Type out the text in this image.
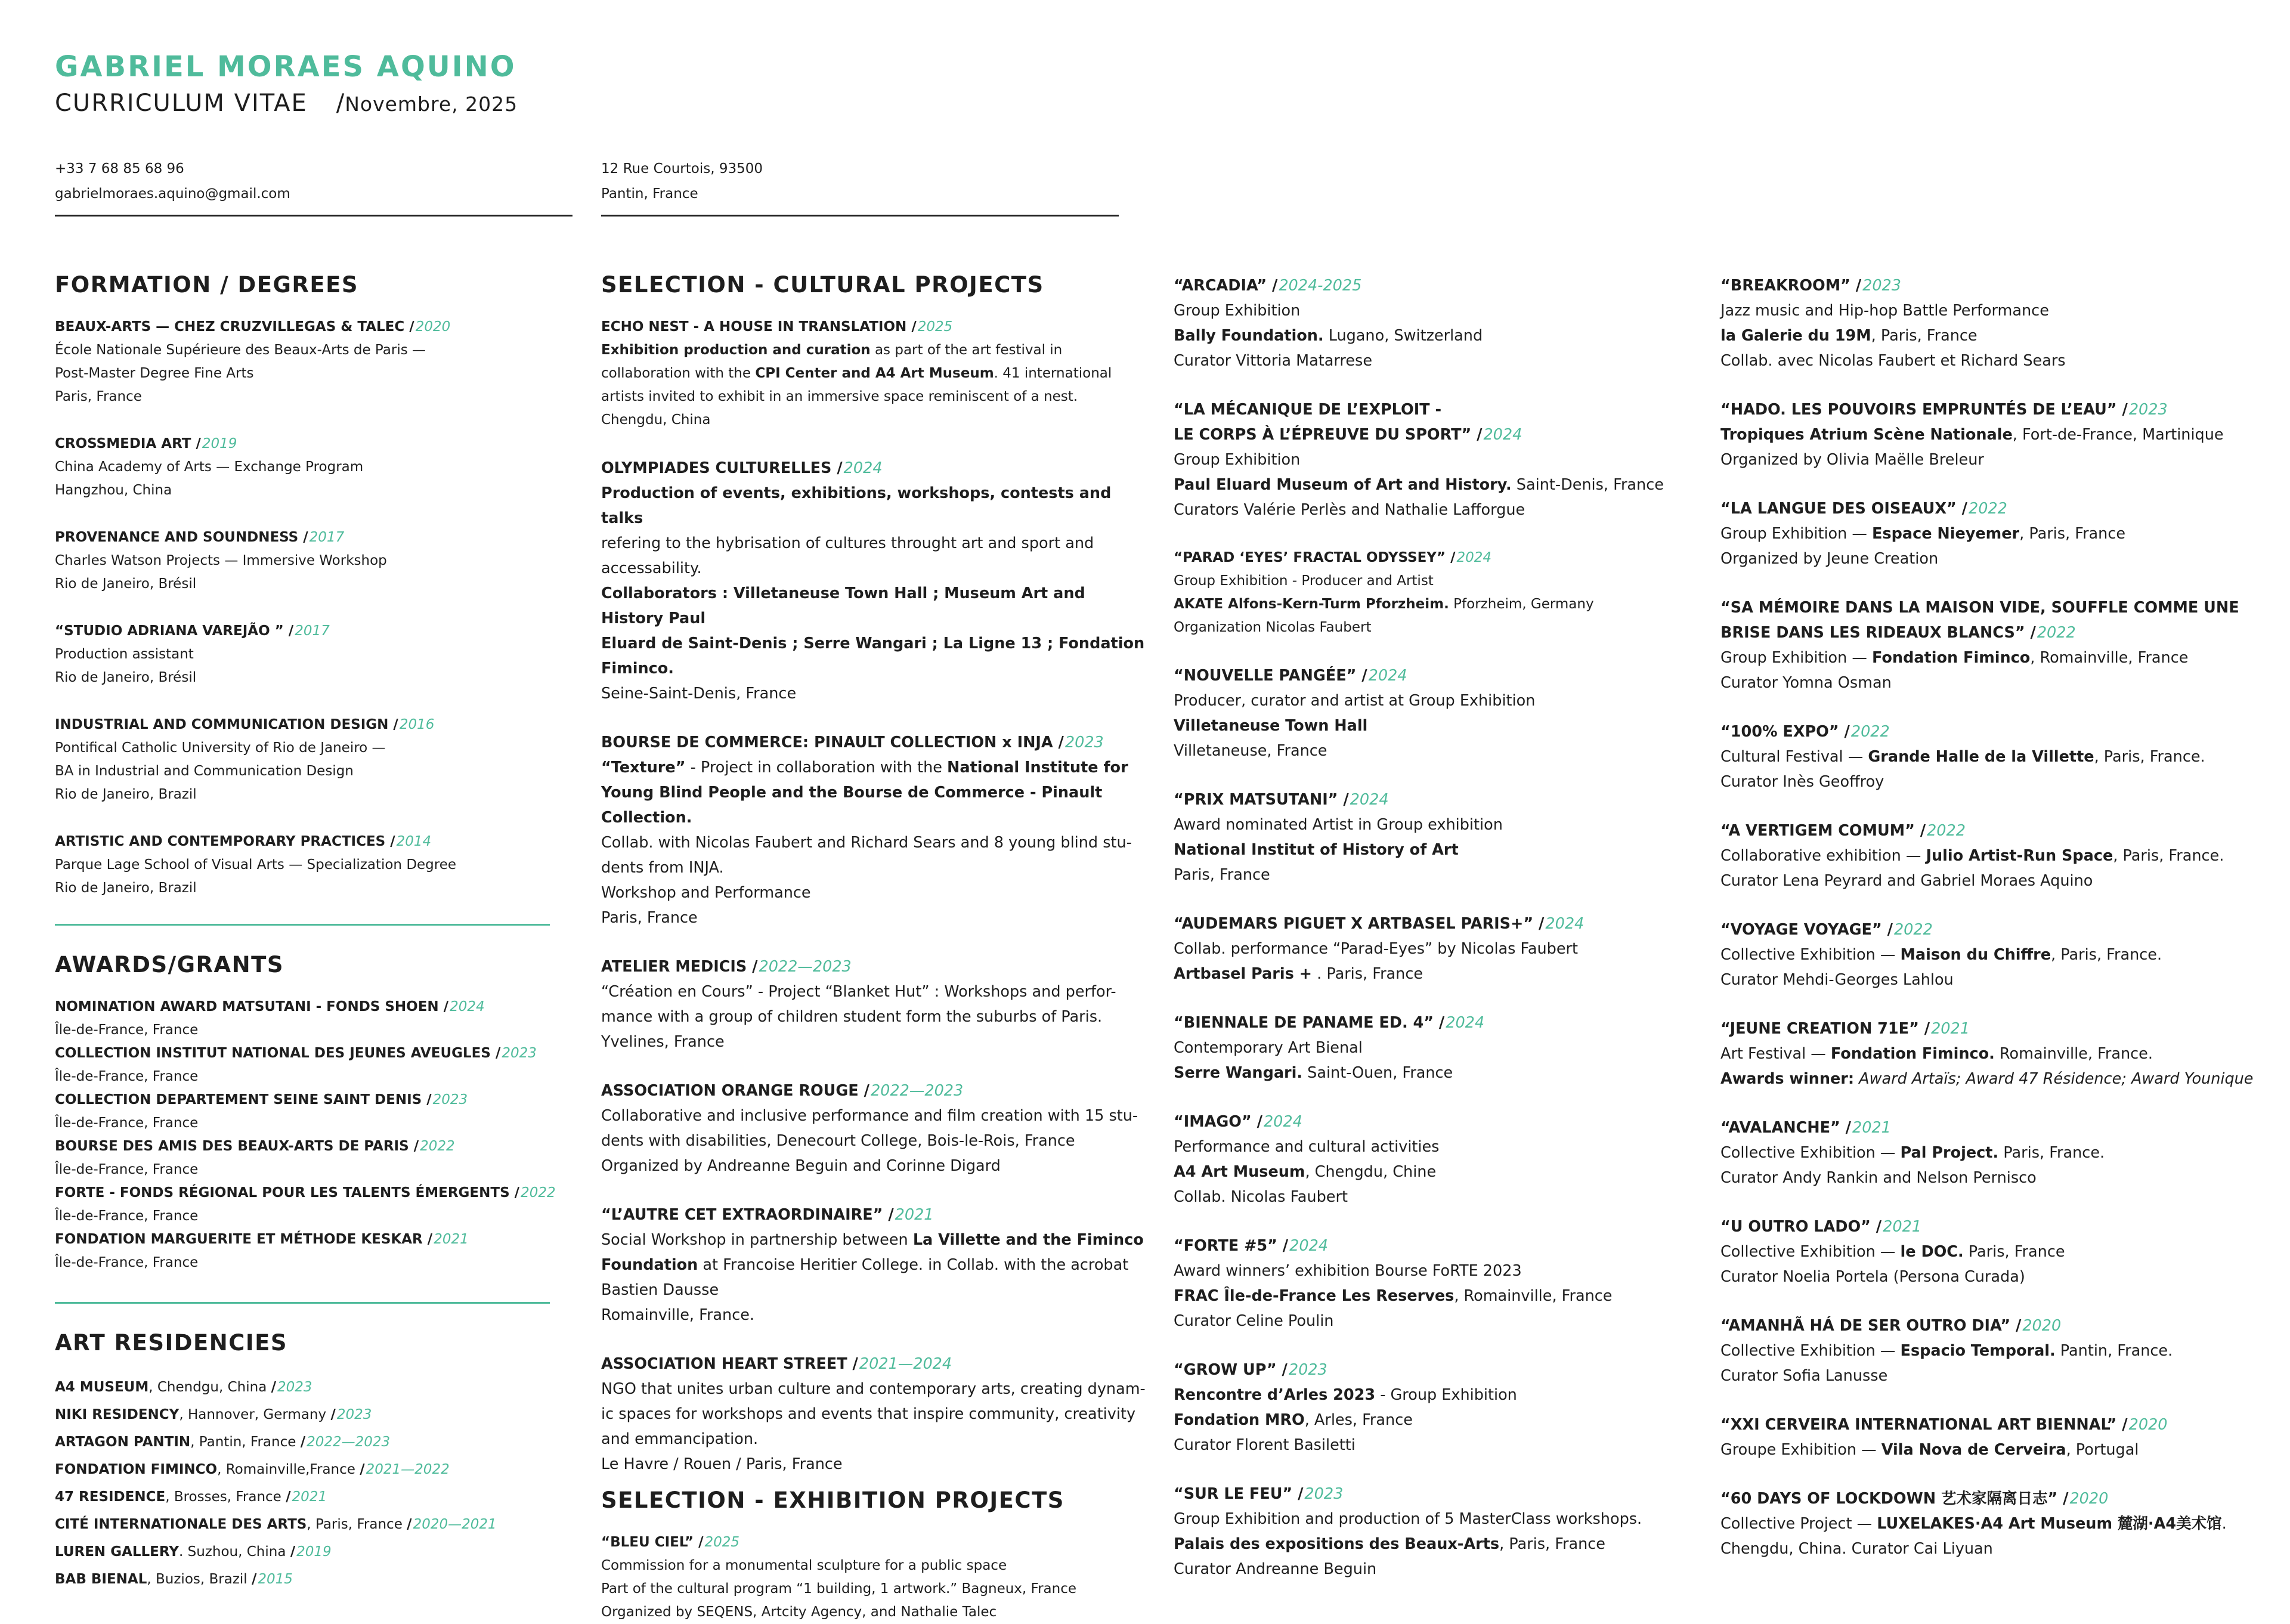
GABRIEL MORAES AQUINO
CURRICULUM VITAE /Novembre, 2025
+33 7 68 85 68 96
gabrielmoraes.aquino@gmail.com
12 Rue Courtois, 93500
Pantin, France
FORMATION / DEGREES
BEAUX-ARTS — CHEZ CRUZVILLEGAS & TALEC / 2020
École Nationale Supérieure des Beaux-Arts de Paris —
Post-Master Degree Fine Arts
Paris, France
CROSSMEDIA ART / 2019
China Academy of Arts — Exchange Program
Hangzhou, China
PROVENANCE AND SOUNDNESS / 2017
Charles Watson Projects — Immersive Workshop
Rio de Janeiro, Brésil
“STUDIO ADRIANA VAREJÃO ” / 2017
Production assistant
Rio de Janeiro, Brésil
INDUSTRIAL AND COMMUNICATION DESIGN / 2016
Pontifical Catholic University of Rio de Janeiro —
BA in Industrial and Communication Design
Rio de Janeiro, Brazil
ARTISTIC AND CONTEMPORARY PRACTICES / 2014
Parque Lage School of Visual Arts — Specialization Degree
Rio de Janeiro, Brazil
AWARDS/GRANTS
NOMINATION AWARD MATSUTANI - FONDS SHOEN / 2024
Île-de-France, France
COLLECTION INSTITUT NATIONAL DES JEUNES AVEUGLES / 2023
Île-de-France, France
COLLECTION DEPARTEMENT SEINE SAINT DENIS / 2023
Île-de-France, France
BOURSE DES AMIS DES BEAUX-ARTS DE PARIS / 2022
Île-de-France, France
FORTE - FONDS RÉGIONAL POUR LES TALENTS ÉMERGENTS / 2022
Île-de-France, France
FONDATION MARGUERITE ET MÉTHODE KESKAR / 2021
Île-de-France, France
ART RESIDENCIES
A4 MUSEUM, Chendgu, China / 2023
NIKI RESIDENCY, Hannover, Germany / 2023
ARTAGON PANTIN, Pantin, France / 2022—2023
FONDATION FIMINCO, Romainville,France / 2021—2022
47 RESIDENCE, Brosses, France / 2021
CITÉ INTERNATIONALE DES ARTS, Paris, France / 2020—2021
LUREN GALLERY. Suzhou, China / 2019
BAB BIENAL, Buzios, Brazil / 2015
SELECTION - CULTURAL PROJECTS
ECHO NEST - A HOUSE IN TRANSLATION / 2025
Exhibition production and curation as part of the art festival in
collaboration with the CPI Center and A4 Art Museum. 41 international
artists invited to exhibit in an immersive space reminiscent of a nest.
Chengdu, China
OLYMPIADES CULTURELLES / 2024
Production of events, exhibitions, workshops, contests and talks
refering to the hybrisation of cultures throught art and sport and
accessability.
Collaborators : Villetaneuse Town Hall ; Museum Art and History Paul
Eluard de Saint-Denis ; Serre Wangari ; La Ligne 13 ; Fondation Fiminco.
Seine-Saint-Denis, France
BOURSE DE COMMERCE: PINAULT COLLECTION x INJA / 2023
“Texture” - Project in collaboration with the National Institute for
Young Blind People and the Bourse de Commerce - Pinault Collection.
Collab. with Nicolas Faubert and Richard Sears and 8 young blind stu-
dents from INJA.
Workshop and Performance
Paris, France
ATELIER MEDICIS / 2022—2023
“Création en Cours” - Project “Blanket Hut” : Workshops and perfor-
mance with a group of children student form the suburbs of Paris.
Yvelines, France
ASSOCIATION ORANGE ROUGE / 2022—2023
Collaborative and inclusive performance and film creation with 15 stu-
dents with disabilities, Denecourt College, Bois-le-Rois, France
Organized by Andreanne Beguin and Corinne Digard
“L’AUTRE CET EXTRAORDINAIRE” / 2021
Social Workshop in partnership between La Villette and the Fiminco
Foundation at Francoise Heritier College. in Collab. with the acrobat
Bastien Dausse
Romainville, France.
ASSOCIATION HEART STREET / 2021—2024
NGO that unites urban culture and contemporary arts, creating dynam-
ic spaces for workshops and events that inspire community, creativity
and emmancipation.
Le Havre / Rouen / Paris, France
SELECTION - EXHIBITION PROJECTS
“BLEU CIEL” / 2025
Commission for a monumental sculpture for a public space
Part of the cultural program “1 building, 1 artwork.” Bagneux, France
Organized by SEQENS, Artcity Agency, and Nathalie Talec
“ARCADIA” / 2024-2025
Group Exhibition
Bally Foundation. Lugano, Switzerland
Curator Vittoria Matarrese
“LA MÉCANIQUE DE L’EXPLOIT -
LE CORPS À L’ÉPREUVE DU SPORT” / 2024
Group Exhibition
Paul Eluard Museum of Art and History. Saint-Denis, France
Curators Valérie Perlès and Nathalie Lafforgue
“PARAD ‘EYES’ FRACTAL ODYSSEY” / 2024
Group Exhibition - Producer and Artist
AKATE Alfons-Kern-Turm Pforzheim. Pforzheim, Germany
Organization Nicolas Faubert
“NOUVELLE PANGÉE” / 2024
Producer, curator and artist at Group Exhibition
Villetaneuse Town Hall
Villetaneuse, France
“PRIX MATSUTANI” / 2024
Award nominated Artist in Group exhibition
National Institut of History of Art
Paris, France
“AUDEMARS PIGUET X ARTBASEL PARIS+” / 2024
Collab. performance “Parad-Eyes” by Nicolas Faubert
Artbasel Paris + . Paris, France
“BIENNALE DE PANAME ED. 4” / 2024
Contemporary Art Bienal
Serre Wangari. Saint-Ouen, France
“IMAGO” / 2024
Performance and cultural activities
A4 Art Museum, Chengdu, Chine
Collab. Nicolas Faubert
“FORTE #5” / 2024
Award winners’ exhibition Bourse FoRTE 2023
FRAC Île-de-France Les Reserves, Romainville, France
Curator Celine Poulin
“GROW UP” / 2023
Rencontre d’Arles 2023 - Group Exhibition
Fondation MRO, Arles, France
Curator Florent Basiletti
“SUR LE FEU” / 2023
Group Exhibition and production of 5 MasterClass workshops.
Palais des expositions des Beaux-Arts, Paris, France
Curator Andreanne Beguin
“BREAKROOM” / 2023
Jazz music and Hip-hop Battle Performance
la Galerie du 19M, Paris, France
Collab. avec Nicolas Faubert et Richard Sears
“HADO. LES POUVOIRS EMPRUNTÉS DE L’EAU” / 2023
Tropiques Atrium Scène Nationale, Fort-de-France, Martinique
Organized by Olivia Maëlle Breleur
“LA LANGUE DES OISEAUX” / 2022
Group Exhibition — Espace Nieyemer, Paris, France
Organized by Jeune Creation
“SA MÉMOIRE DANS LA MAISON VIDE, SOUFFLE COMME UNE
BRISE DANS LES RIDEAUX BLANCS” / 2022
Group Exhibition — Fondation Fiminco, Romainville, France
Curator Yomna Osman
“100% EXPO” / 2022
Cultural Festival — Grande Halle de la Villette, Paris, France.
Curator Inès Geoffroy
“A VERTIGEM COMUM” / 2022
Collaborative exhibition — Julio Artist-Run Space, Paris, France.
Curator Lena Peyrard and Gabriel Moraes Aquino
“VOYAGE VOYAGE” / 2022
Collective Exhibition — Maison du Chiffre, Paris, France.
Curator Mehdi-Georges Lahlou
“JEUNE CREATION 71E” / 2021
Art Festival — Fondation Fiminco. Romainville, France.
Awards winner: Award Artaïs; Award 47 Résidence; Award Younique
“AVALANCHE” / 2021
Collective Exhibition — Pal Project. Paris, France.
Curator Andy Rankin and Nelson Pernisco
“U OUTRO LADO” / 2021
Collective Exhibition — le DOC. Paris, France
Curator Noelia Portela (Persona Curada)
“AMANHÃ HÁ DE SER OUTRO DIA” / 2020
Collective Exhibition — Espacio Temporal. Pantin, France.
Curator Sofia Lanusse
“XXI CERVEIRA INTERNATIONAL ART BIENNAL” / 2020
Groupe Exhibition — Vila Nova de Cerveira, Portugal
“60 DAYS OF LOCKDOWN 艺术家隔离日志” / 2020
Collective Project — LUXELAKES·A4 Art Museum 麓湖·A4美术馆.
Chengdu, China. Curator Cai Liyuan
